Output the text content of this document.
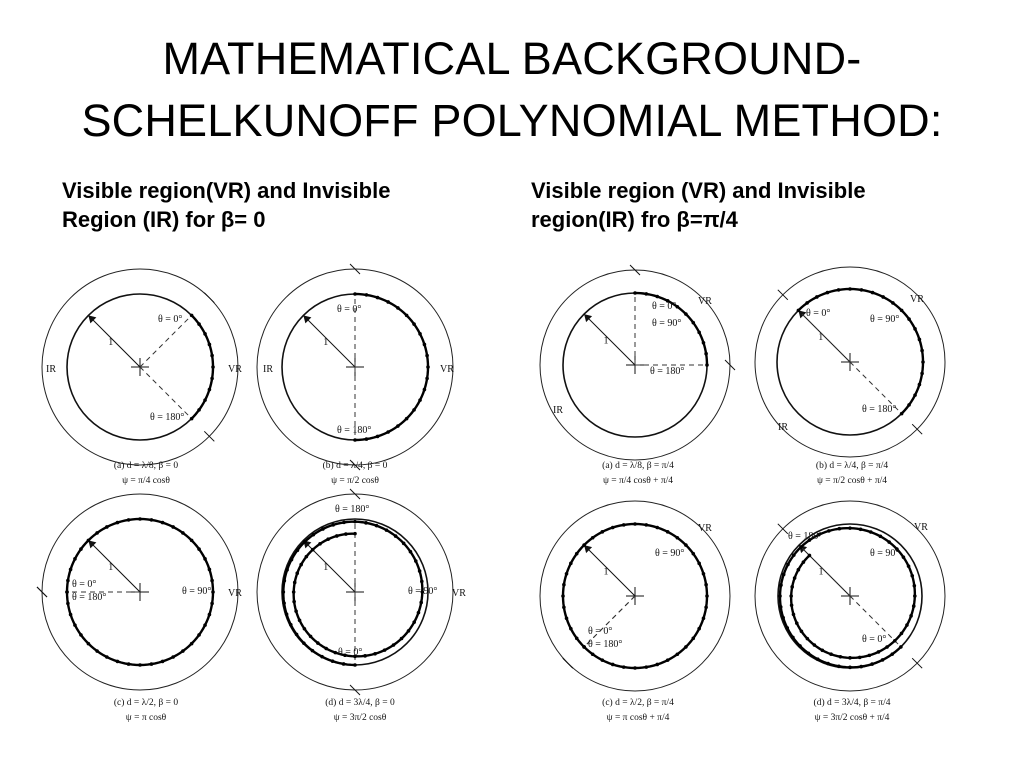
MATHEMATICAL BACKGROUND-
SCHELKUNOFF POLYNOMIAL METHOD:
Visible region(VR) and Invisible
Region (IR) for β= 0
Visible region (VR) and Invisible
region(IR) fro β=π/4
1
θ = 0°
θ = 180°
VR
IR
(a) d = λ/8, β = 0
ψ = π/4 cosθ
1
θ = 0°
θ = 180°
VR
IR
(b) d = λ/4, β = 0
ψ = π/2 cosθ
1
θ = 0°
θ = 180°
θ = 90° VR
(c) d = λ/2, β = 0
ψ = π cosθ
1
θ = 180°
θ = 90°
θ = 0°
VR
(d) d = 3λ/4, β = 0
ψ = 3π/2 cosθ
1
θ = 0°
θ = 90°
θ = 180°
VR
IR
(a) d = λ/8, β = π/4
ψ = π/4 cosθ + π/4
1
θ = 0°
θ = 90°
θ = 180°
VR
IR
(b) d = λ/4, β = π/4
ψ = π/2 cosθ + π/4
1
θ = 90°
θ = 0°
θ = 180°
VR
(c) d = λ/2, β = π/4
ψ = π cosθ + π/4
1
θ = 180°
θ = 90°
θ = 0°
VR
(d) d = 3λ/4, β = π/4
ψ = 3π/2 cosθ + π/4
